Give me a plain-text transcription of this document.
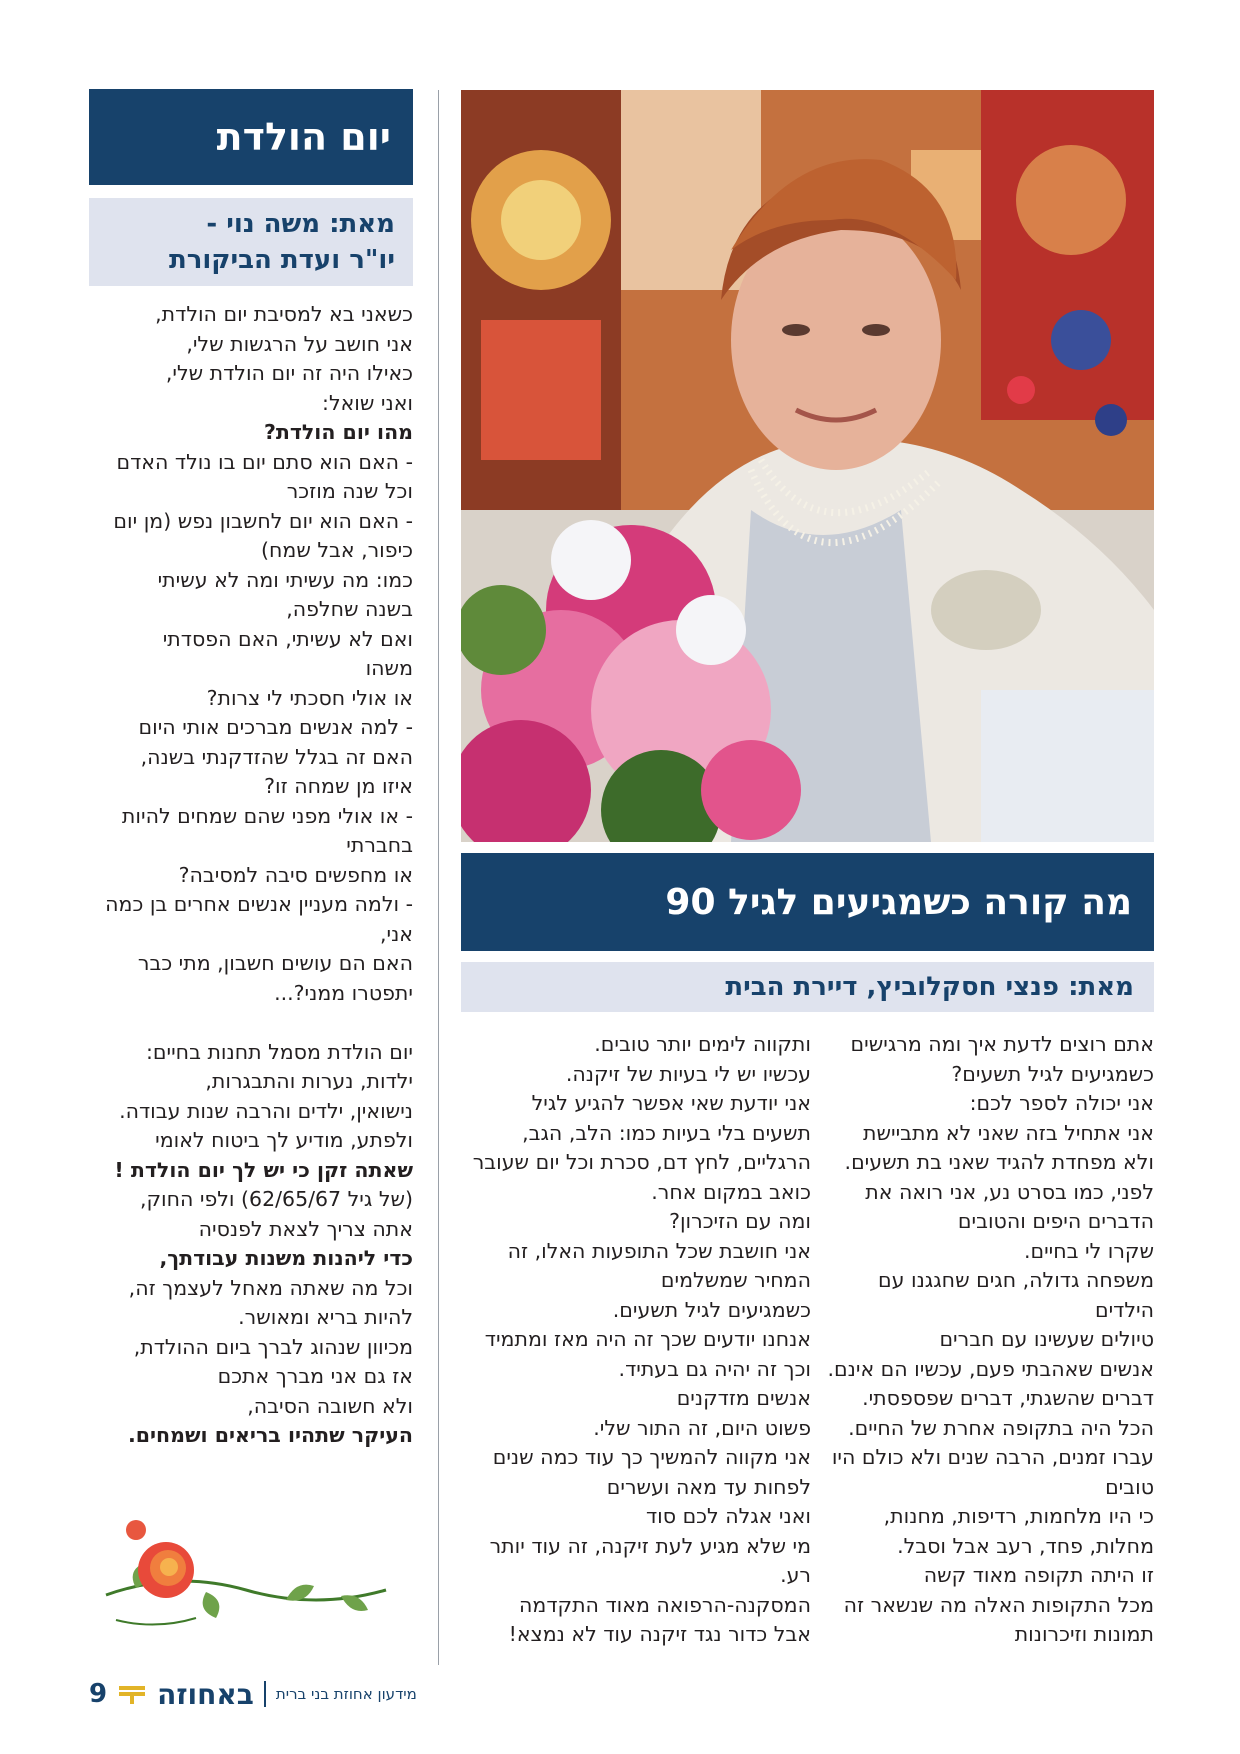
יום הולדת
מאת: משה נוי -
יו"ר ועדת הביקורת
כשאני בא למסיבת יום הולדת,
אני חושב על הרגשות שלי,
כאילו היה זה יום הולדת שלי,
ואני שואל:
מהו יום הולדת?
- האם הוא סתם יום בו נולד האדם
וכל שנה מוזכר
- האם הוא יום לחשבון נפש (מן יום
כיפור, אבל שמח)
כמו: מה עשיתי ומה לא עשיתי
בשנה שחלפה,
ואם לא עשיתי, האם הפסדתי
משהו
או אולי חסכתי לי צרות?
- למה אנשים מברכים אותי היום
האם זה בגלל שהזדקנתי בשנה,
איזו מן שמחה זו?
- או אולי מפני שהם שמחים להיות
בחברתי
או מחפשים סיבה למסיבה?
- ולמה מעניין אנשים אחרים בן כמה
אני,
האם הם עושים חשבון, מתי כבר
יתפטרו ממני?...
יום הולדת מסמל תחנות בחיים:
ילדות, נערות והתבגרות,
נישואין, ילדים והרבה שנות עבודה.
ולפתע, מודיע לך ביטוח לאומי
שאתה זקן כי יש לך יום הולדת !
(של גיל 62/65/67) ולפי החוק,
אתה צריך לצאת לפנסיה
כדי ליהנות משנות עבודתך,
וכל מה שאתה מאחל לעצמך זה,
להיות בריא ומאושר.
מכיוון שנהוג לברך ביום ההולדת,
אז גם אני מברך אתכם
ולא חשובה הסיבה,
העיקר שתהיו בריאים ושמחים.
מה קורה כשמגיעים לגיל 90
מאת: פנצי חסקלוביץ, דיירת הבית
אתם רוצים לדעת איך ומה מרגישים
כשמגיעים לגיל תשעים?
אני יכולה לספר לכם:
אני אתחיל בזה שאני לא מתביישת
ולא מפחדת להגיד שאני בת תשעים.
לפני, כמו בסרט נע, אני רואה את
הדברים היפים והטובים
שקרו לי בחיים.
משפחה גדולה, חגים שחגגנו עם
הילדים
טיולים שעשינו עם חברים
אנשים שאהבתי פעם, עכשיו הם אינם.
דברים שהשגתי, דברים שפספסתי.
הכל היה בתקופה אחרת של החיים.
עברו זמנים, הרבה שנים ולא כולם היו
טובים
כי היו מלחמות, רדיפות, מחנות,
מחלות, פחד, רעב אבל וסבל.
זו היתה תקופה מאוד קשה
מכל התקופות האלה מה שנשאר זה
תמונות וזיכרונות
ותקווה לימים יותר טובים.
עכשיו יש לי בעיות של זיקנה.
אני יודעת שאי אפשר להגיע לגיל
תשעים בלי בעיות כמו: הלב, הגב,
הרגליים, לחץ דם, סכרת וכל יום שעובר
כואב במקום אחר.
ומה עם הזיכרון?
אני חושבת שכל התופעות האלו, זה
המחיר שמשלמים
כשמגיעים לגיל תשעים.
אנחנו יודעים שכך זה היה מאז ומתמיד
וכך זה יהיה גם בעתיד.
אנשים מזדקנים
פשוט היום, זה התור שלי.
אני מקווה להמשיך כך עוד כמה שנים
לפחות עד מאה ועשרים
ואני אגלה לכם סוד
מי שלא מגיע לעת זיקנה, זה עוד יותר
רע.
המסקנה-הרפואה מאוד התקדמה
אבל כדור נגד זיקנה עוד לא נמצא!
מידעון אחוזת בני ברית
באחוזה
9
